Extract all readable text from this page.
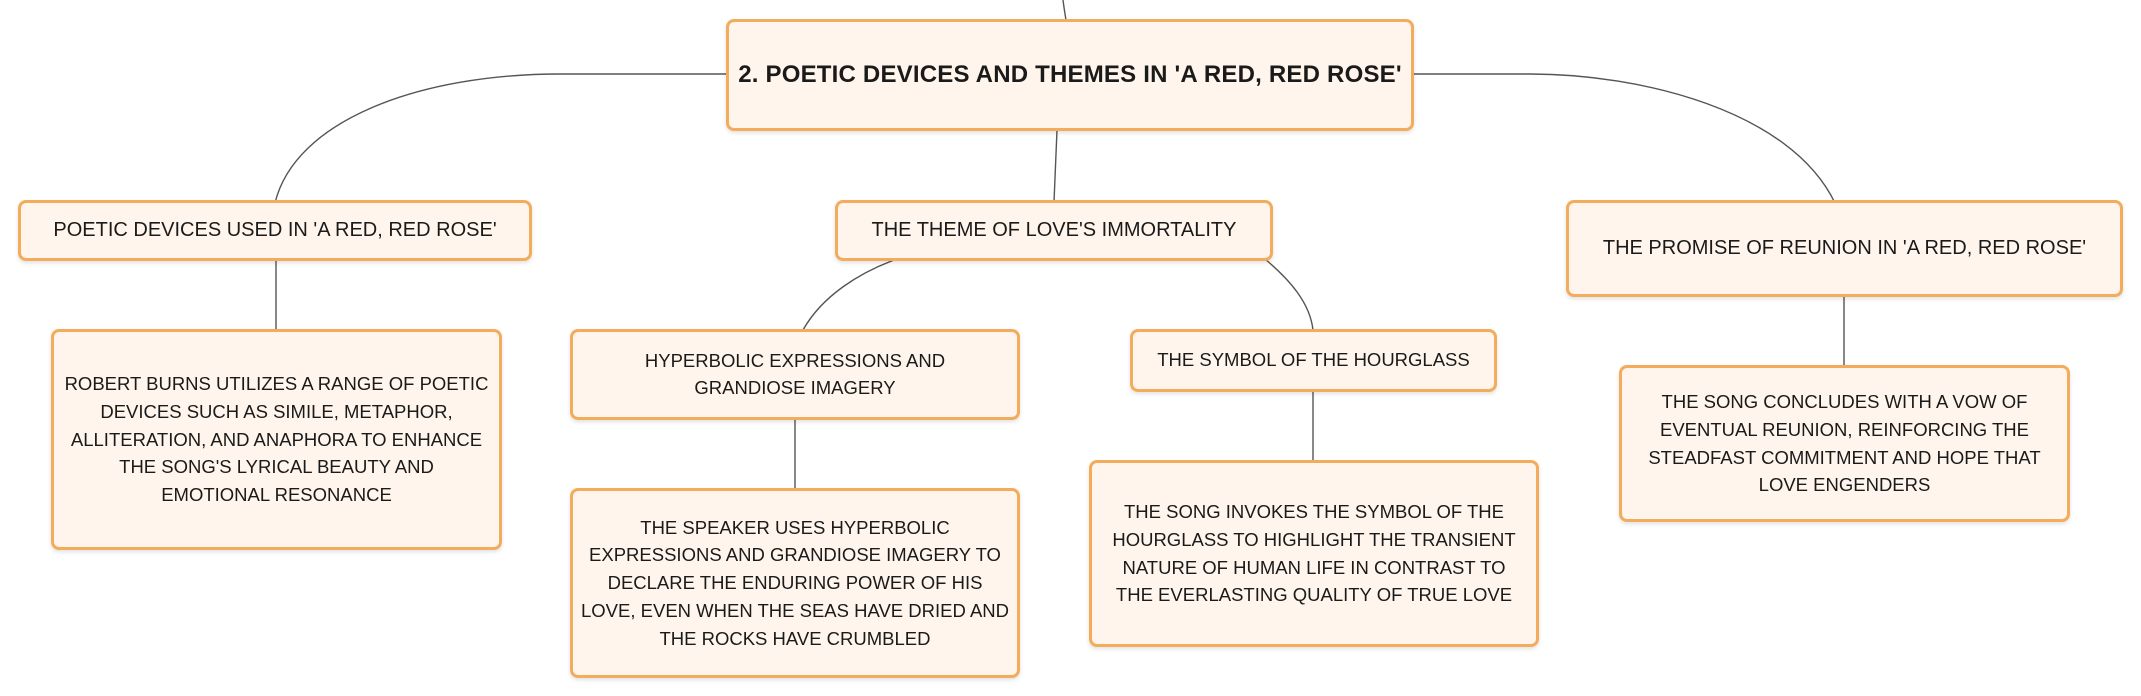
2. POETIC DEVICES AND THEMES IN 'A RED, RED ROSE'
POETIC DEVICES USED IN 'A RED, RED ROSE'	THE THEME OF LOVE'S IMMORTALITY
THE PROMISE OF REUNION IN 'A RED, RED ROSE'
ROBERT BURNS UTILIZES A RANGE OF POETIC DEVICES SUCH AS SIMILE, METAPHOR, ALLITERATION, AND ANAPHORA TO ENHANCE THE SONG'S LYRICAL BEAUTY AND EMOTIONAL RESONANCE
HYPERBOLIC EXPRESSIONS AND GRANDIOSE IMAGERY
THE SYMBOL OF THE HOURGLASS
THE SPEAKER USES HYPERBOLIC EXPRESSIONS AND GRANDIOSE IMAGERY TO DECLARE THE ENDURING POWER OF HIS LOVE, EVEN WHEN THE SEAS HAVE DRIED AND THE ROCKS HAVE CRUMBLED
THE SONG INVOKES THE SYMBOL OF THE HOURGLASS TO HIGHLIGHT THE TRANSIENT NATURE OF HUMAN LIFE IN CONTRAST TO THE EVERLASTING QUALITY OF TRUE LOVE
THE SONG CONCLUDES WITH A VOW OF EVENTUAL REUNION, REINFORCING THE STEADFAST COMMITMENT AND HOPE THAT LOVE ENGENDERS
